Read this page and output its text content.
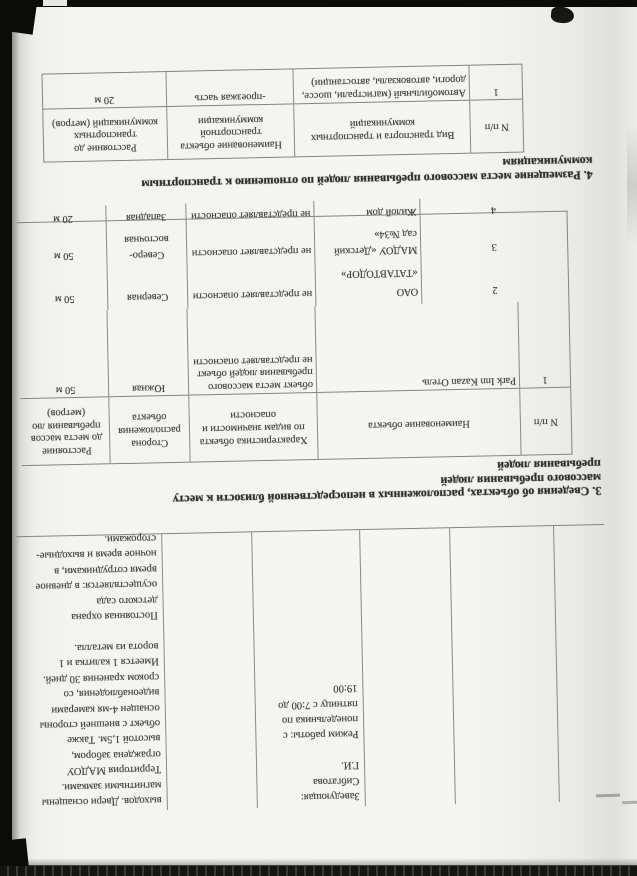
Заведующая: Сибгатова
Г.И.

Режим работы: с
понедельника по
пятницу с 7:00 до 19:00
выходов. Двери оснащены
магнитными замками.
Территория МАДОУ
ограждена забором,
высотой 1,5м. Также
объект с внешней стороны
оснащен 4-мя камерами
видеонаблюдения, со
сроком хранения 30 дней.
Имеется 1 калитка и 1
ворота из металла.

Постоянная охрана
детского сада
осуществляется: в дневное
время сотрудниками, в
ночное время и выходные-
сторожами.
3. Сведения об объектах, расположенных в непосредственной близости к месту
массового пребывания людей
пребывания людей
N п/п
Наименование объекта
Характеристика объекта по видам значимости и опасности
Сторона расположения объекта
Расстояние
до места массов
пребывания лю
(метров)
1
Park Inn Kazan Отель
объект места массового пребывания людей объект не представляет опасности
Южная
50 м
2
ОАО «ТАТАВТОДОР»
не представляет опасности
Северная
50 м
3
МАДОУ «Детский сад №34»
не представляет опасности
Северо-восточная
50 м
4
Жилой дом
не представляет опасности
Западная
20 м
4. Размещение места массового пребывания людей по отношению к транспортным
коммуникациям
N п/п
Вид транспорта и транспортных коммуникаций
Наименование объекта транспортной коммуникации
Расстояние до транспортных коммуникаций (метров)
1
Автомобильный (магистрали, шоссе, дороги, автовокзалы, автостанции)
-проезжая часть
20 м
